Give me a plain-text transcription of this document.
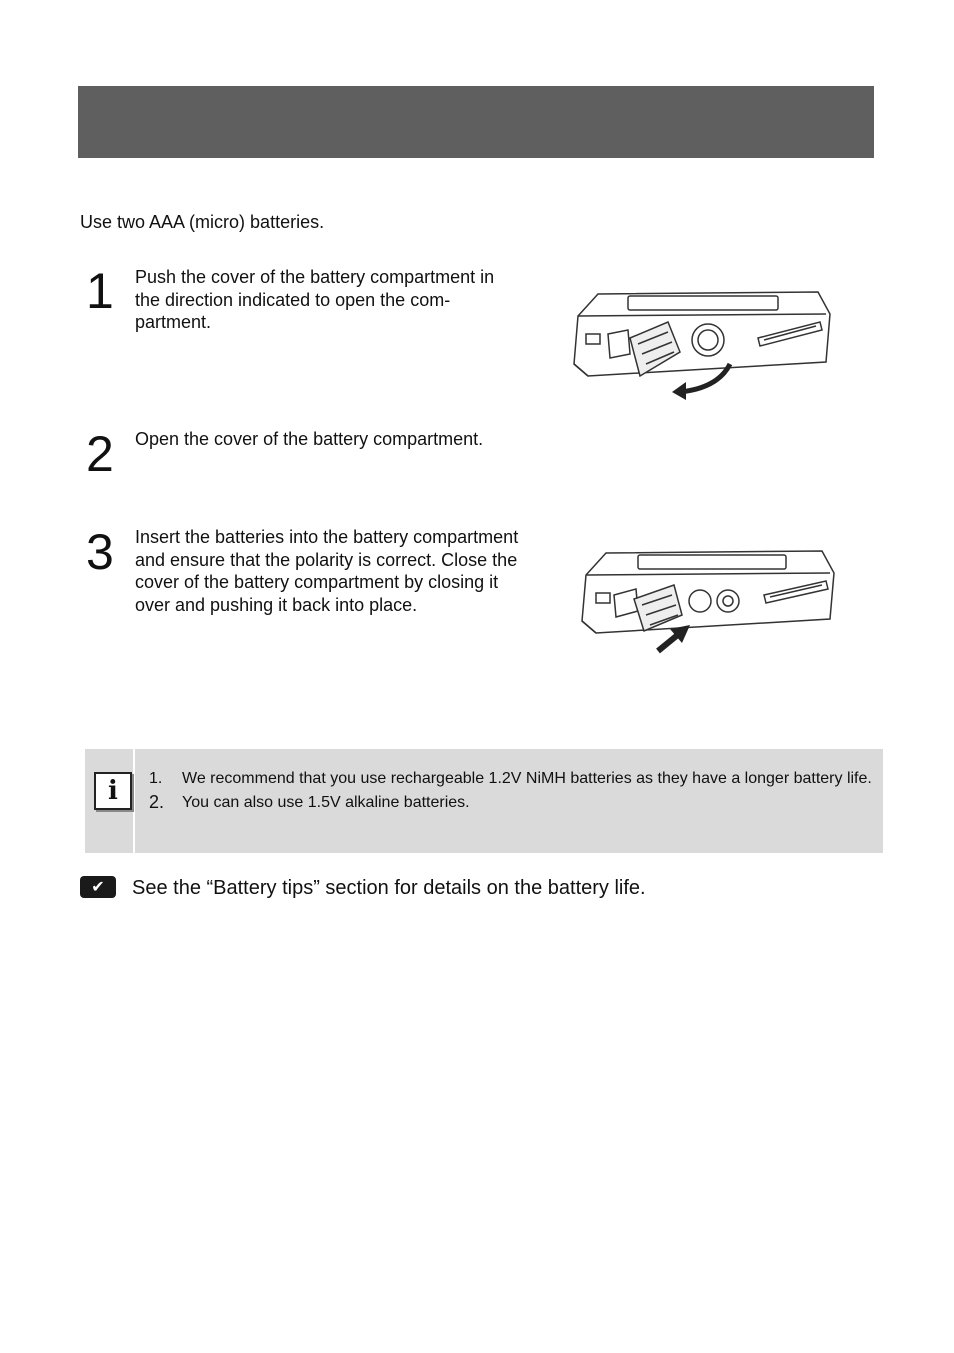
Use two AAA (micro) batteries.
1 Push the cover of the battery compartment in the direction indicated to open the com-partment.
2 Open the cover of the battery compartment.
3 Insert the batteries into the battery compartment and ensure that the polarity is correct. Close the cover of the battery compartment by closing it over and pushing it back into place.
i	1. We recommend that you use rechargeable 1.2V NiMH batteries as they have a longer battery life.
2. You can also use 1.5V alkaline batteries.
✔	See the “Battery tips” section for details on the battery life.
